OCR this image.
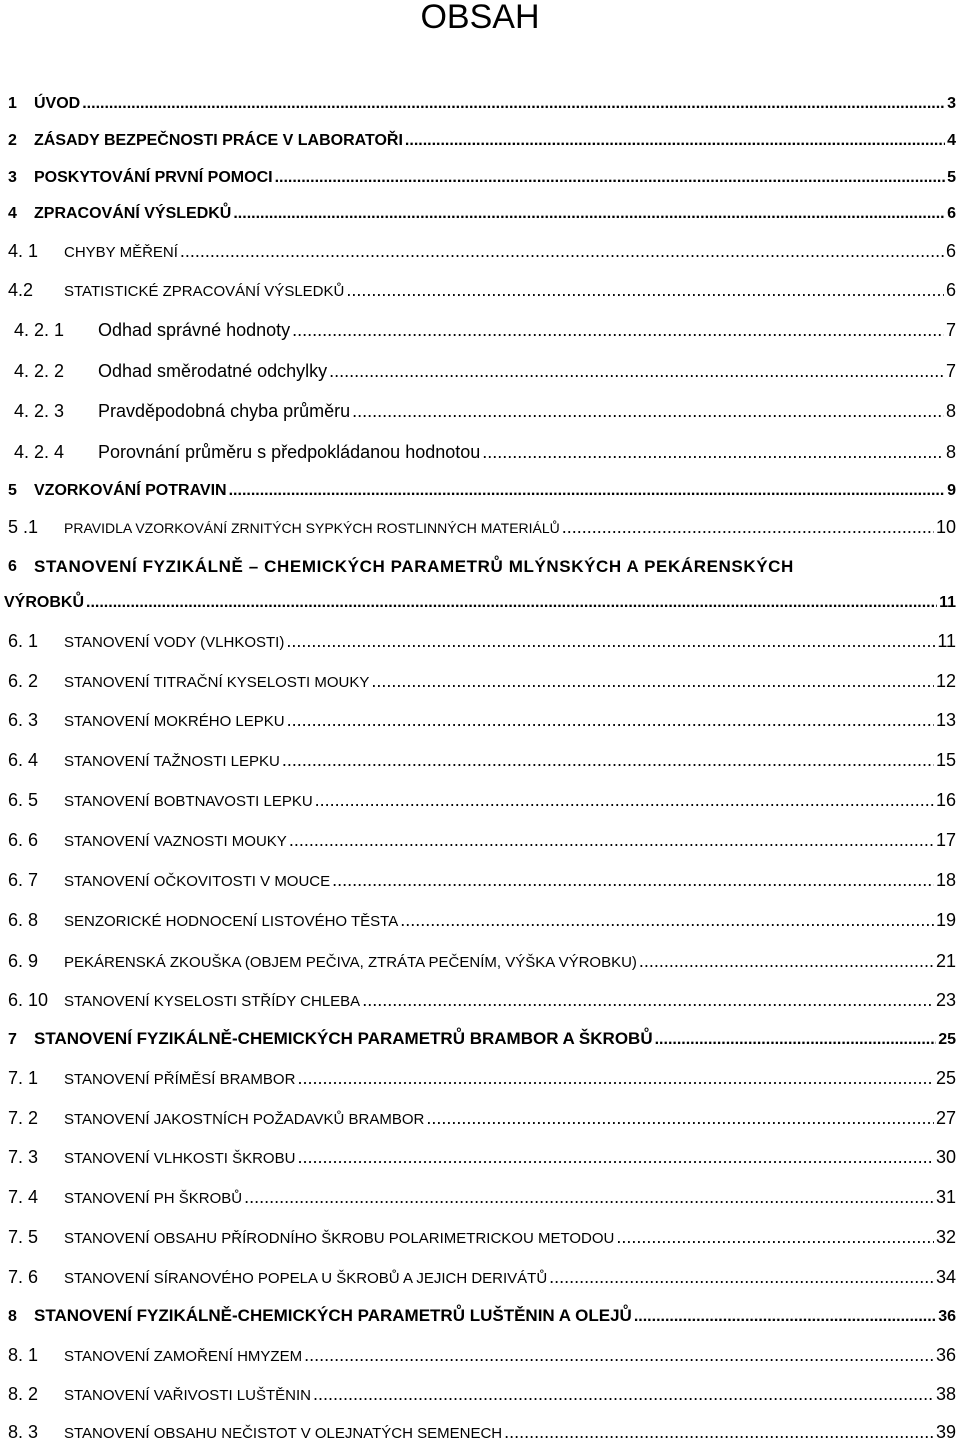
OBSAH
1	ÚVOD .....	3
2	ZÁSADY BEZPEČNOSTI PRÁCE V LABORATOŘI .....	4
3	POSKYTOVÁNÍ PRVNÍ POMOCI .....	5
4	ZPRACOVÁNÍ VÝSLEDKŮ .....	6
4. 1	CHYBY MĚŘENÍ .....	6
4.2	STATISTICKÉ ZPRACOVÁNÍ VÝSLEDKŮ .....	6
4. 2. 1	Odhad správné hodnoty .....	7
4. 2. 2	Odhad směrodatné odchylky .....	7
4. 2. 3	Pravděpodobná chyba průměru .....	8
4. 2. 4	Porovnání průměru s předpokládanou hodnotou .....	8
5	VZORKOVÁNÍ POTRAVIN .....	9
5 .1	PRAVIDLA VZORKOVÁNÍ ZRNITÝCH SYPKÝCH ROSTLINNÝCH MATERIÁLŮ .....	10
6	STANOVENÍ FYZIKÁLNĚ – CHEMICKÝCH PARAMETRŮ MLÝNSKÝCH A PEKÁRENSKÝCH
VÝROBKŮ .....	11
6. 1	STANOVENÍ VODY (VLHKOSTI) .....	11
6. 2	STANOVENÍ TITRAČNÍ KYSELOSTI MOUKY .....	12
6. 3	STANOVENÍ MOKRÉHO LEPKU .....	13
6. 4	STANOVENÍ TAŽNOSTI LEPKU .....	15
6. 5	STANOVENÍ BOBTNAVOSTI LEPKU .....	16
6. 6	STANOVENÍ VAZNOSTI MOUKY .....	17
6. 7	STANOVENÍ OČKOVITOSTI V MOUCE .....	18
6. 8	SENZORICKÉ HODNOCENÍ LISTOVÉHO TĚSTA .....	19
6. 9	PEKÁRENSKÁ ZKOUŠKA (OBJEM PEČIVA, ZTRÁTA PEČENÍM, VÝŠKA VÝROBKU) .....	21
6. 10	STANOVENÍ KYSELOSTI STŘÍDY CHLEBA .....	23
7	STANOVENÍ FYZIKÁLNĚ-CHEMICKÝCH PARAMETRŮ BRAMBOR A ŠKROBŮ .....	25
7. 1	STANOVENÍ PŘÍMĚSÍ BRAMBOR .....	25
7. 2	STANOVENÍ JAKOSTNÍCH POŽADAVKŮ BRAMBOR .....	27
7. 3	STANOVENÍ VLHKOSTI ŠKROBU .....	30
7. 4	STANOVENÍ PH ŠKROBŮ .....	31
7. 5	STANOVENÍ OBSAHU PŘÍRODNÍHO ŠKROBU POLARIMETRICKOU METODOU .....	32
7. 6	STANOVENÍ SÍRANOVÉHO POPELA U ŠKROBŮ A JEJICH DERIVÁTŮ .....	34
8	STANOVENÍ FYZIKÁLNĚ-CHEMICKÝCH PARAMETRŮ LUŠTĚNIN A OLEJŮ .....	36
8. 1	STANOVENÍ ZAMOŘENÍ HMYZEM .....	36
8. 2	STANOVENÍ VAŘIVOSTI LUŠTĚNIN .....	38
8. 3	STANOVENÍ OBSAHU NEČISTOT V OLEJNATÝCH SEMENECH .....	39
